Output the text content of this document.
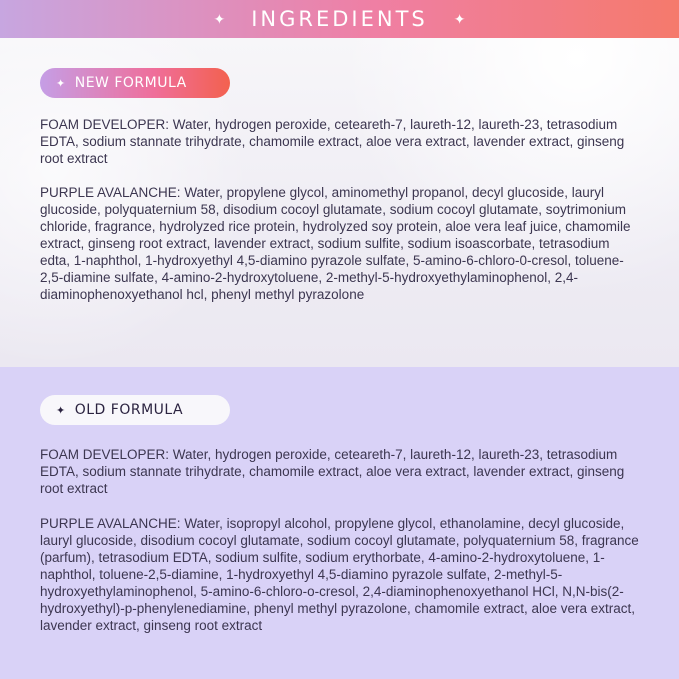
✦ INGREDIENTS ✦
✦ NEW FORMULA

FOAM DEVELOPER: Water, hydrogen peroxide, ceteareth-7, laureth-12, laureth-23, tetrasodium EDTA, sodium stannate trihydrate, chamomile extract, aloe vera extract, lavender extract, ginseng root extract

PURPLE AVALANCHE: Water, propylene glycol, aminomethyl propanol, decyl glucoside, lauryl glucoside, polyquaternium 58, disodium cocoyl glutamate, sodium cocoyl glutamate, soytrimonium chloride, fragrance, hydrolyzed rice protein, hydrolyzed soy protein, aloe vera leaf juice, chamomile extract, ginseng root extract, lavender extract, sodium sulfite, sodium isoascorbate, tetrasodium edta, 1-naphthol, 1-hydroxyethyl 4,5-diamino pyrazole sulfate, 5-amino-6-chloro-0-cresol, toluene-2,5-diamine sulfate, 4-amino-2-hydroxytoluene, 2-methyl-5-hydroxyethylaminophenol, 2,4-diaminophenoxyethanol hcl, phenyl methyl pyrazolone

✦ OLD FORMULA

FOAM DEVELOPER: Water, hydrogen peroxide, ceteareth-7, laureth-12, laureth-23, tetrasodium EDTA, sodium stannate trihydrate, chamomile extract, aloe vera extract, lavender extract, ginseng root extract

PURPLE AVALANCHE: Water, isopropyl alcohol, propylene glycol, ethanolamine, decyl glucoside, lauryl glucoside, disodium cocoyl glutamate, sodium cocoyl glutamate, polyquaternium 58, fragrance (parfum), tetrasodium EDTA, sodium sulfite, sodium erythorbate, 4-amino-2-hydroxytoluene, 1-naphthol, toluene-2,5-diamine, 1-hydroxyethyl 4,5-diamino pyrazole sulfate, 2-methyl-5-hydroxyethylaminophenol, 5-amino-6-chloro-o-cresol, 2,4-diaminophenoxyethanol HCl, N,N-bis(2-hydroxyethyl)-p-phenylenediamine, phenyl methyl pyrazolone, chamomile extract, aloe vera extract, lavender extract, ginseng root extract
